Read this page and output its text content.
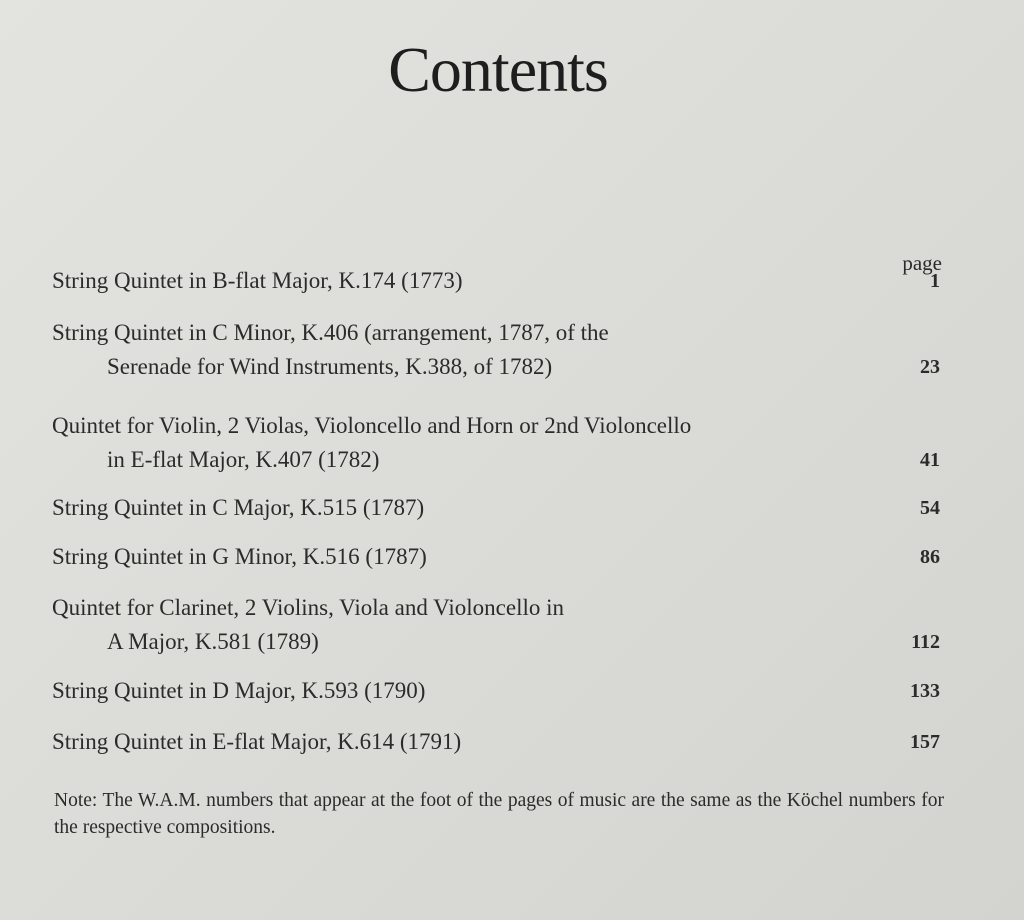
Contents
page
String Quintet in B-flat Major, K.174 (1773)	1
String Quintet in C Minor, K.406 (arrangement, 1787, of the
Serenade for Wind Instruments, K.388, of 1782)	23
Quintet for Violin, 2 Violas, Violoncello and Horn or 2nd Violoncello
in E-flat Major, K.407 (1782)	41
String Quintet in C Major, K.515 (1787)	54
String Quintet in G Minor, K.516 (1787)	86
Quintet for Clarinet, 2 Violins, Viola and Violoncello in
A Major, K.581 (1789)	112
String Quintet in D Major, K.593 (1790)	133
String Quintet in E-flat Major, K.614 (1791)	157
Note: The W.A.M. numbers that appear at the foot of the pages of music are the same as the Köchel numbers for the respective compositions.
